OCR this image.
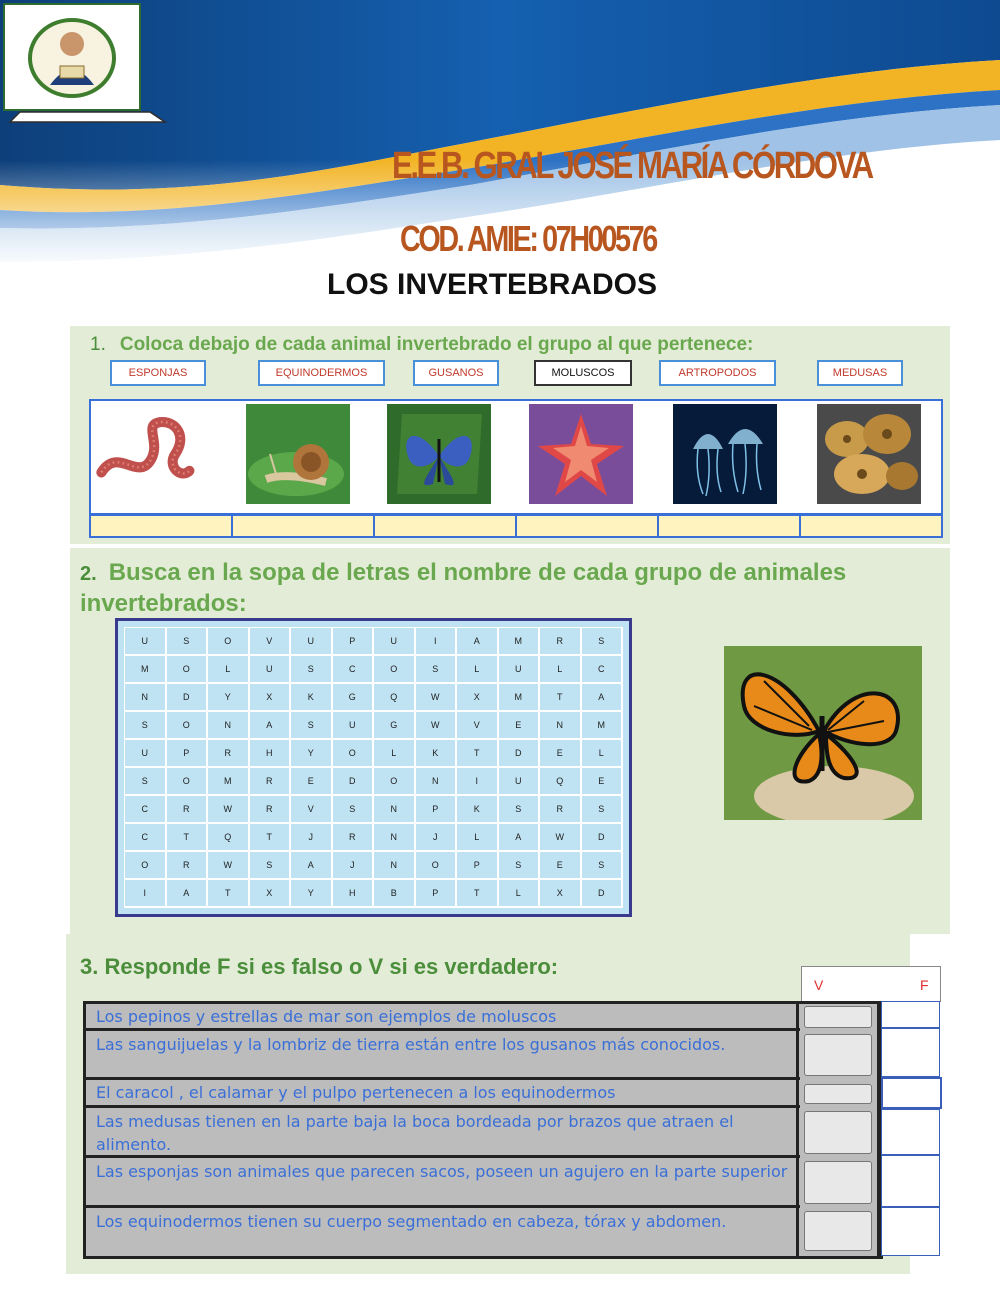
E.E.B. GRAL JOSÉ MARÍA CÓRDOVA
COD. AMIE: 07H00576
LOS INVERTEBRADOS
1. Coloca debajo de cada animal invertebrado el grupo al que pertenece:
ESPONJAS	EQUINODERMOS	GUSANOS	MOLUSCOS	ARTROPODOS	MEDUSAS
2. Busca en la sopa de letras el nombre de cada grupo de animales invertebrados:
U	S	O	V	U	P	U	I	A	M	R	S
M	O	L	U	S	C	O	S	L	U	L	C
N	D	Y	X	K	G	Q	W	X	M	T	A
S	O	N	A	S	U	G	W	V	E	N	M
U	P	R	H	Y	O	L	K	T	D	E	L
S	O	M	R	E	D	O	N	I	U	Q	E
C	R	W	R	V	S	N	P	K	S	R	S
C	T	Q	T	J	R	N	J	L	A	W	D
O	R	W	S	A	J	N	O	P	S	E	S
I	A	T	X	Y	H	B	P	T	L	X	D
3. Responde F si es falso o V si es verdadero:
V	F
Los pepinos y estrellas de mar son ejemplos de moluscos
Las sanguijuelas y la lombriz de tierra están entre los gusanos más conocidos.
El caracol , el calamar y el pulpo pertenecen a los equinodermos
Las medusas tienen en la parte baja la boca bordeada por brazos que atraen el alimento.
Las esponjas son animales que parecen sacos, poseen un agujero en la parte superior
Los equinodermos tienen su cuerpo segmentado en cabeza, tórax y abdomen.
